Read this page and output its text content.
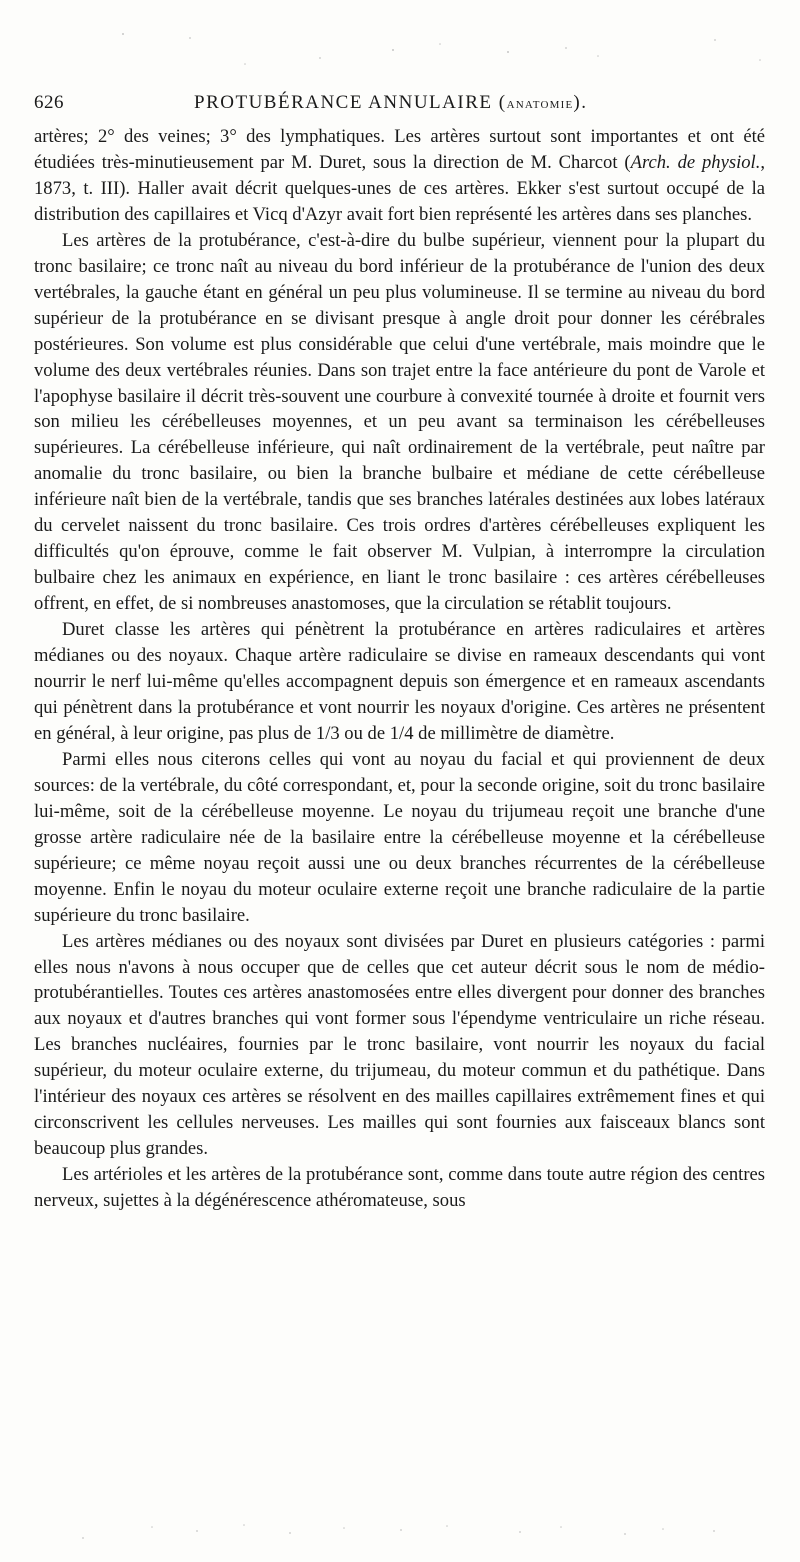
626	PROTUBÉRANCE ANNULAIRE (ANATOMIE).

artères; 2° des veines; 3° des lymphatiques. Les artères surtout sont importantes et ont été étudiées très-minutieusement par M. Duret, sous la direction de M. Charcot (Arch. de physiol., 1873, t. III). Haller avait décrit quelques-unes de ces artères. Ekker s'est surtout occupé de la distribution des capillaires et Vicq d'Azyr avait fort bien représenté les artères dans ses planches.

Les artères de la protubérance, c'est-à-dire du bulbe supérieur, viennent pour la plupart du tronc basilaire; ce tronc naît au niveau du bord inférieur de la protubérance de l'union des deux vertébrales, la gauche étant en général un peu plus volumineuse. Il se termine au niveau du bord supérieur de la protubérance en se divisant presque à angle droit pour donner les cérébrales postérieures. Son volume est plus considérable que celui d'une vertébrale, mais moindre que le volume des deux vertébrales réunies. Dans son trajet entre la face antérieure du pont de Varole et l'apophyse basilaire il décrit très-souvent une courbure à convexité tournée à droite et fournit vers son milieu les cérébelleuses moyennes, et un peu avant sa terminaison les cérébelleuses supérieures. La cérébelleuse inférieure, qui naît ordinairement de la vertébrale, peut naître par anomalie du tronc basilaire, ou bien la branche bulbaire et médiane de cette cérébelleuse inférieure naît bien de la vertébrale, tandis que ses branches latérales destinées aux lobes latéraux du cervelet naissent du tronc basilaire. Ces trois ordres d'artères cérébelleuses expliquent les difficultés qu'on éprouve, comme le fait observer M. Vulpian, à interrompre la circulation bulbaire chez les animaux en expérience, en liant le tronc basilaire : ces artères cérébelleuses offrent, en effet, de si nombreuses anastomoses, que la circulation se rétablit toujours.

Duret classe les artères qui pénètrent la protubérance en artères radiculaires et artères médianes ou des noyaux. Chaque artère radiculaire se divise en rameaux descendants qui vont nourrir le nerf lui-même qu'elles accompagnent depuis son émergence et en rameaux ascendants qui pénètrent dans la protubérance et vont nourrir les noyaux d'origine. Ces artères ne présentent en général, à leur origine, pas plus de 1/3 ou de 1/4 de millimètre de diamètre.

Parmi elles nous citerons celles qui vont au noyau du facial et qui proviennent de deux sources: de la vertébrale, du côté correspondant, et, pour la seconde origine, soit du tronc basilaire lui-même, soit de la cérébelleuse moyenne. Le noyau du trijumeau reçoit une branche d'une grosse artère radiculaire née de la basilaire entre la cérébelleuse moyenne et la cérébelleuse supérieure; ce même noyau reçoit aussi une ou deux branches récurrentes de la cérébelleuse moyenne. Enfin le noyau du moteur oculaire externe reçoit une branche radiculaire de la partie supérieure du tronc basilaire.

Les artères médianes ou des noyaux sont divisées par Duret en plusieurs catégories : parmi elles nous n'avons à nous occuper que de celles que cet auteur décrit sous le nom de médio-protubérantielles. Toutes ces artères anastomosées entre elles divergent pour donner des branches aux noyaux et d'autres branches qui vont former sous l'épendyme ventriculaire un riche réseau. Les branches nucléaires, fournies par le tronc basilaire, vont nourrir les noyaux du facial supérieur, du moteur oculaire externe, du trijumeau, du moteur commun et du pathétique. Dans l'intérieur des noyaux ces artères se résolvent en des mailles capillaires extrêmement fines et qui circonscrivent les cellules nerveuses. Les mailles qui sont fournies aux faisceaux blancs sont beaucoup plus grandes.

Les artérioles et les artères de la protubérance sont, comme dans toute autre région des centres nerveux, sujettes à la dégénérescence athéromateuse, sous
